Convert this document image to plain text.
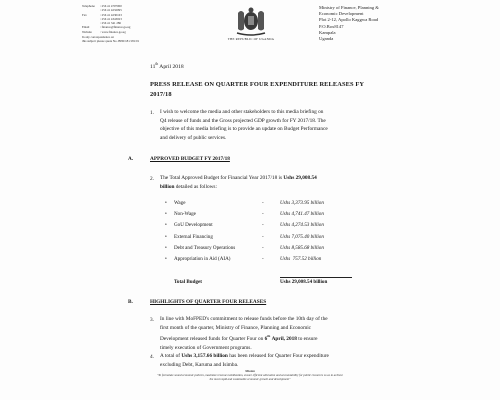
Telephone	: 256 41 4707000
: 256 41 4232095
Fax	: 256 41 4230163
: 256 41 4343023
: 256 41 341 286
Email	: finance@finance.go.ug
Website	: www.finance.go.ug
In any correspondence on
this subject please quote No. BPD/181/181/01	THE REPUBLIC OF UGANDA
Ministry of Finance, Planning &
Economic Development
Plot 2-12, Apollo Kaggwa Road
P.O.Box8147
Kampala
Uganda
11th April 2018
PRESS RELEASE ON QUARTER FOUR EXPENDITURE RELEASES FY 2017/18
1. I wish to welcome the media and other stakeholders to this media briefing on
Q4 release of funds and the Gross projected GDP growth for FY 2017/18. The
objective of this media briefing is to provide an update on Budget Performance
and delivery of public services.
A.	APPROVED BUDGET FY 2017/18
2. The Total Approved Budget for Financial Year 2017/18 is Ushs 29,008.54
billion detailed as follows:
• Wage	-	Ushs 3,373.95 billion
• Non-Wage	-	Ushs 4,741.47 billion
• GoU Development	-	Ushs 4,274.53 billion
• External Financing	-	Ushs 7,075.40 billion
• Debt and Treasury Operations	-	Ushs 8,585.68 billion
• Appropriation in Aid (AIA)	-	Ushs  757.52 billion
Total Budget	Ushs 29,008.54 billion
B.	HIGHLIGHTS OF QUARTER FOUR RELEASES
3. In line with MoFPED's commitment to release funds before the 10th day of the
first month of the quarter, Ministry of Finance, Planning and Economic
Development released funds for Quarter Four on 6th April, 2018 to ensure
timely execution of Government programs.
4. A total of Ushs 3,157.66 billion has been released for Quarter Four expenditure
excluding Debt, Karuma and Isimba.
Mission
"To formulate sound economic policies, maximize revenue mobilization, ensure efficient allocation and accountability for public resources so as to achieve
the most rapid and sustainable economic growth and development"
